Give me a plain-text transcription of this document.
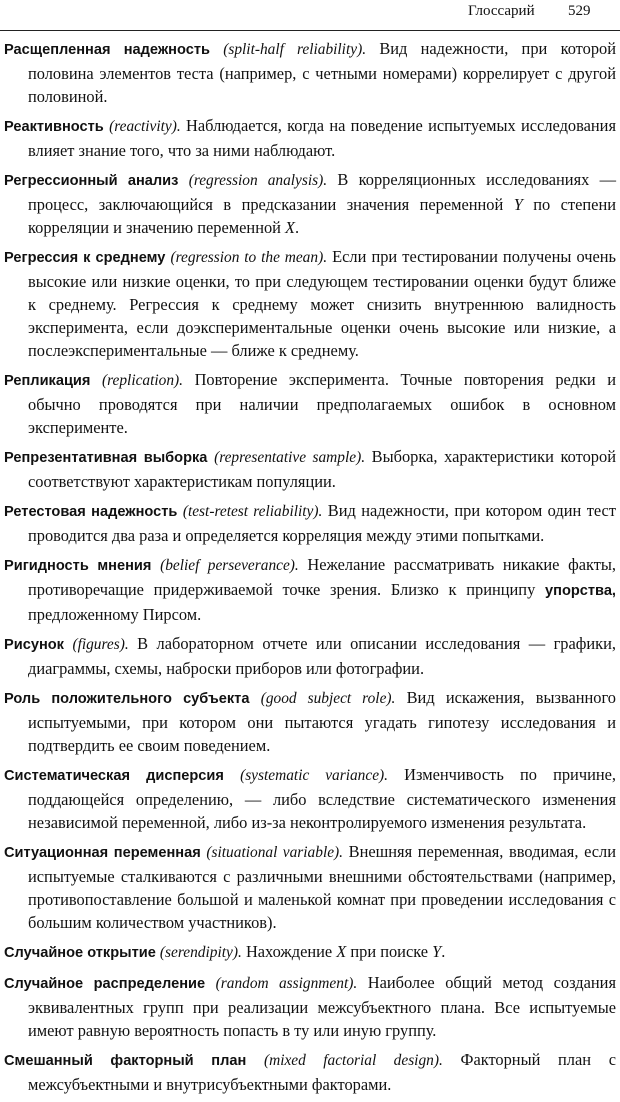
Глоссарий 529

Расщепленная надежность (split-half reliability). Вид надежности, при которой половина элементов теста (например, с четными номерами) коррелирует с другой половиной.

Реактивность (reactivity). Наблюдается, когда на поведение испытуемых исследования влияет знание того, что за ними наблюдают.

Регрессионный анализ (regression analysis). В корреляционных исследованиях — процесс, заключающийся в предсказании значения переменной Y по степени корреляции и значению переменной X.

Регрессия к среднему (regression to the mean). Если при тестировании получены очень высокие или низкие оценки, то при следующем тестировании оценки будут ближе к среднему. Регрессия к среднему может снизить внутреннюю валидность эксперимента, если доэкспериментальные оценки очень высокие или низкие, а послеэкспериментальные — ближе к среднему.

Репликация (replication). Повторение эксперимента. Точные повторения редки и обычно проводятся при наличии предполагаемых ошибок в основном эксперименте.

Репрезентативная выборка (representative sample). Выборка, характеристики которой соответствуют характеристикам популяции.

Ретестовая надежность (test-retest reliability). Вид надежности, при котором один тест проводится два раза и определяется корреляция между этими попытками.

Ригидность мнения (belief perseverance). Нежелание рассматривать никакие факты, противоречащие придерживаемой точке зрения. Близко к принципу упорства, предложенному Пирсом.

Рисунок (figures). В лабораторном отчете или описании исследования — графики, диаграммы, схемы, наброски приборов или фотографии.

Роль положительного субъекта (good subject role). Вид искажения, вызванного испытуемыми, при котором они пытаются угадать гипотезу исследования и подтвердить ее своим поведением.

Систематическая дисперсия (systematic variance). Изменчивость по причине, поддающейся определению, — либо вследствие систематического изменения независимой переменной, либо из-за неконтролируемого изменения результата.

Ситуационная переменная (situational variable). Внешняя переменная, вводимая, если испытуемые сталкиваются с различными внешними обстоятельствами (например, противопоставление большой и маленькой комнат при проведении исследования с большим количеством участников).

Случайное открытие (serendipity). Нахождение X при поиске Y.

Случайное распределение (random assignment). Наиболее общий метод создания эквивалентных групп при реализации межсубъектного плана. Все испытуемые имеют равную вероятность попасть в ту или иную группу.

Смешанный факторный план (mixed factorial design). Факторный план с межсубъектными и внутрисубъектными факторами.
